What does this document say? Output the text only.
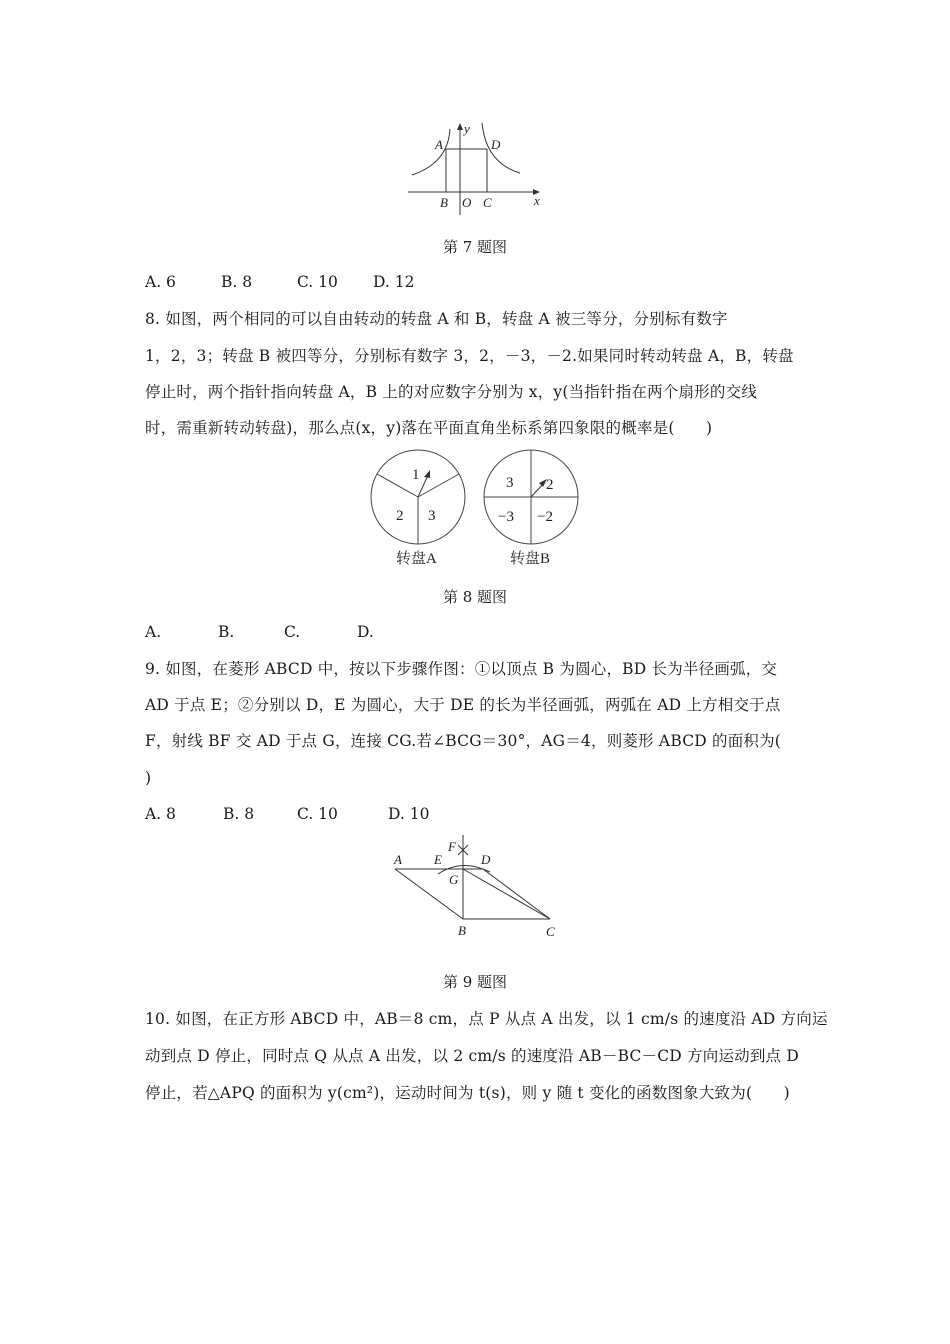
A	D
B O C	x
y
第 7 题图
A. 6	B. 8	C. 10 D. 12
8. 如图，两个相同的可以自由转动的转盘 A 和 B，转盘 A 被三等分，分别标有数字
1，2，3；转盘 B 被四等分，分别标有数字 3，2，－3，－2.如果同时转动转盘 A，B，转盘
停止时，两个指针指向转盘 A，B 上的对应数字分别为 x，y(当指针指在两个扇形的交线
时，需重新转动转盘)，那么点(x，y)落在平面直角坐标系第四象限的概率是(　　)
1
2 3
转盘A
3 2
−3 −2
转盘B
第 8 题图
A.	B.	C.	D.
9. 如图，在菱形 ABCD 中，按以下步骤作图：①以顶点 B 为圆心，BD 长为半径画弧，交
AD 于点 E；②分别以 D，E 为圆心，大于 DE 的长为半径画弧，两弧在 AD 上方相交于点
F，射线 BF 交 AD 于点 G，连接 CG.若∠BCG＝30°，AG＝4，则菱形 ABCD 的面积为(
)
A. 8	B. 8	C. 10	D. 10
A E
F
G
D
B	C
第 9 题图
10. 如图，在正方形 ABCD 中，AB＝8 cm，点 P 从点 A 出发，以 1 cm/s 的速度沿 AD 方向运
动到点 D 停止，同时点 Q 从点 A 出发，以 2 cm/s 的速度沿 AB－BC－CD 方向运动到点 D
停止，若△APQ 的面积为 y(cm²)，运动时间为 t(s)，则 y 随 t 变化的函数图象大致为(　　)
